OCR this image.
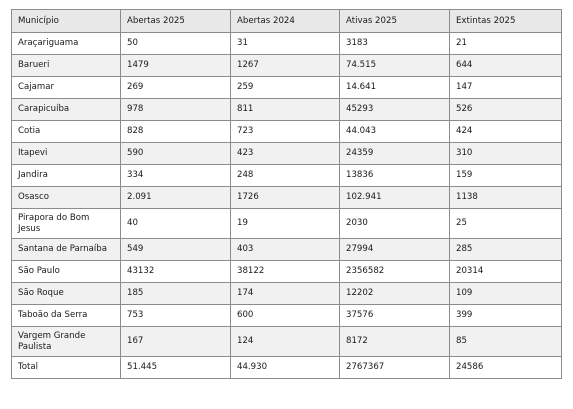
Município	Abertas 2025	Abertas 2024	Ativas 2025	Extintas 2025
Araçariguama	50	31	3183	21
Barueri	1479	1267	74.515	644
Cajamar	269	259	14.641	147
Carapicuíba	978	811	45293	526
Cotia	828	723	44.043	424
Itapevi	590	423	24359	310
Jandira	334	248	13836	159
Osasco	2.091	1726	102.941	1138
Pirapora do Bom Jesus	40	19	2030	25
Santana de Parnaíba	549	403	27994	285
São Paulo	43132	38122	2356582	20314
São Roque	185	174	12202	109
Taboão da Serra	753	600	37576	399
Vargem Grande Paulista	167	124	8172	85
Total	51.445	44.930	2767367	24586
